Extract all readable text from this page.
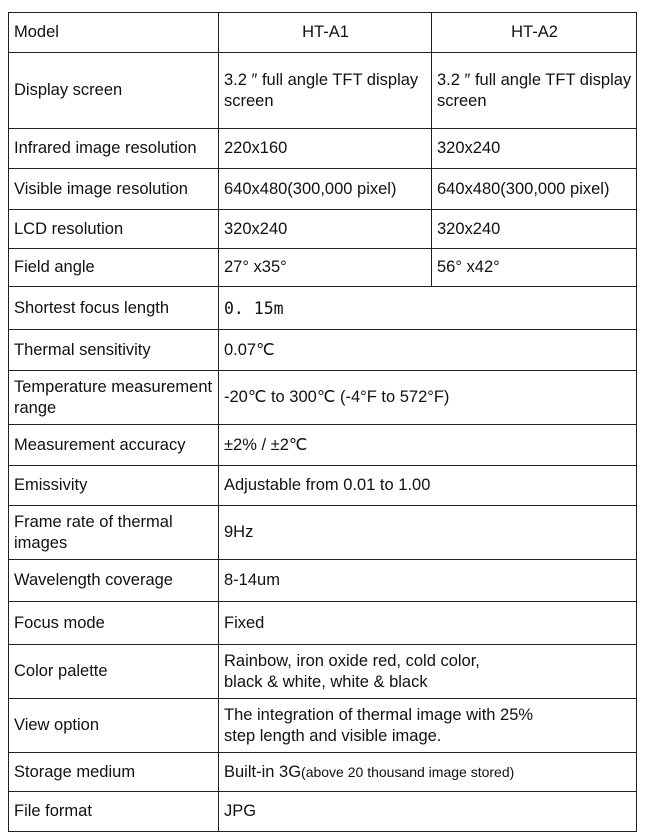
Model	HT-A1	HT-A2
Display screen	3.2 ″ full angle TFT display screen	3.2 ″ full angle TFT display screen
Infrared image resolution	220x160	320x240
Visible image resolution	640x480(300,000 pixel)	640x480(300,000 pixel)
LCD resolution	320x240	320x240
Field angle	27° x35°	56° x42°
Shortest focus length	0. 15m	
Thermal sensitivity	0.07℃	
Temperature measurement range	-20℃ to 300℃ (-4°F to 572°F)	
Measurement accuracy	±2% / ±2℃	
Emissivity	Adjustable from 0.01 to 1.00	
Frame rate of thermal images	9Hz	
Wavelength coverage	8-14um	
Focus mode	Fixed	
Color palette	Rainbow, iron oxide red, cold color, black & white, white & black	
View option	The integration of thermal image with 25% step length and visible image.	
Storage medium	Built-in 3G(above 20 thousand image stored)	
File format	JPG	
